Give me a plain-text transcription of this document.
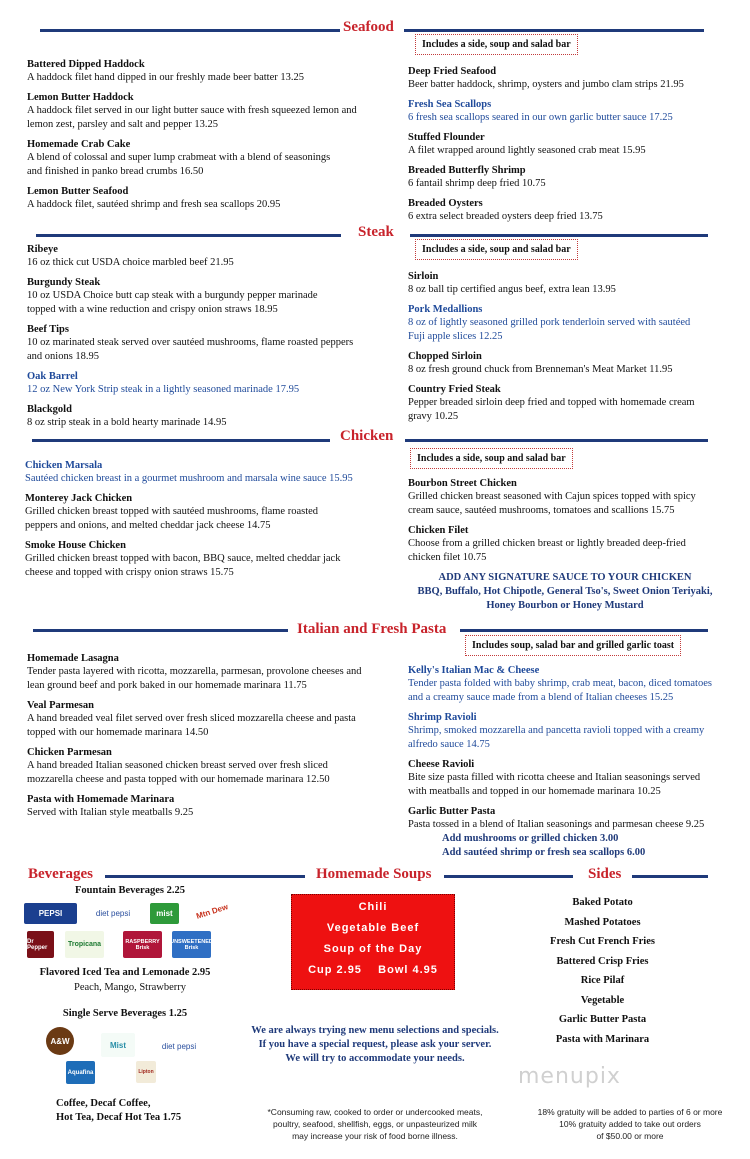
Seafood
Includes a side, soup and salad bar
Battered Dipped Haddock
A haddock filet hand dipped in our freshly made beer batter 13.25
Lemon Butter Haddock
A haddock filet served in our light butter sauce with fresh squeezed lemon and lemon zest, parsley and salt and pepper 13.25
Homemade Crab Cake
A blend of colossal and super lump crabmeat with a blend of seasonings and finished in panko bread crumbs 16.50
Lemon Butter Seafood
A haddock filet, sautéed shrimp and fresh sea scallops 20.95
Deep Fried Seafood
Beer batter haddock, shrimp, oysters and jumbo clam strips 21.95
Fresh Sea Scallops
6 fresh sea scallops seared in our own garlic butter sauce 17.25
Stuffed Flounder
A filet wrapped around lightly seasoned crab meat 15.95
Breaded Butterfly Shrimp
6 fantail shrimp deep fried 10.75
Breaded Oysters
6 extra select breaded oysters deep fried 13.75
Steak
Includes a side, soup and salad bar
Ribeye
16 oz thick cut USDA choice marbled beef 21.95
Burgundy Steak
10 oz USDA Choice butt cap steak with a burgundy pepper marinade topped with a wine reduction and crispy onion straws 18.95
Beef Tips
10 oz marinated steak served over sautéed mushrooms, flame roasted peppers and onions 18.95
Oak Barrel
12 oz New York Strip steak in a lightly seasoned marinade 17.95
Blackgold
8 oz strip steak in a bold hearty marinade 14.95
Sirloin
8 oz ball tip certified angus beef, extra lean 13.95
Pork Medallions
8 oz of lightly seasoned grilled pork tenderloin served with sautéed Fuji apple slices 12.25
Chopped Sirloin
8 oz fresh ground chuck from Brenneman's Meat Market 11.95
Country Fried Steak
Pepper breaded sirloin deep fried and topped with homemade cream gravy 10.25
Chicken
Includes a side, soup and salad bar
Chicken Marsala
Sautéed chicken breast in a gourmet mushroom and marsala wine sauce 15.95
Monterey Jack Chicken
Grilled chicken breast topped with sautéed mushrooms, flame roasted peppers and onions, and melted cheddar jack cheese 14.75
Smoke House Chicken
Grilled chicken breast topped with bacon, BBQ sauce, melted cheddar jack cheese and topped with crispy onion straws 15.75
Bourbon Street Chicken
Grilled chicken breast seasoned with Cajun spices topped with spicy cream sauce, sautéed mushrooms, tomatoes and scallions 15.75
Chicken Filet
Choose from a grilled chicken breast or lightly breaded deep-fried chicken filet 10.75
ADD ANY SIGNATURE SAUCE TO YOUR CHICKEN
BBQ, Buffalo, Hot Chipotle, General Tso's, Sweet Onion Teriyaki,
Honey Bourbon or Honey Mustard
Italian and Fresh Pasta
Includes soup, salad bar and grilled garlic toast
Homemade Lasagna
Tender pasta layered with ricotta, mozzarella, parmesan, provolone cheeses and lean ground beef and pork baked in our homemade marinara 11.75
Veal Parmesan
A hand breaded veal filet served over fresh sliced mozzarella cheese and pasta topped with our homemade marinara 14.50
Chicken Parmesan
A hand breaded Italian seasoned chicken breast served over fresh sliced mozzarella cheese and pasta topped with our homemade marinara 12.50
Pasta with Homemade Marinara
Served with Italian style meatballs 9.25
Kelly's Italian Mac & Cheese
Tender pasta folded with baby shrimp, crab meat, bacon, diced tomatoes and a creamy sauce made from a blend of Italian cheeses 15.25
Shrimp Ravioli
Shrimp, smoked mozzarella and pancetta ravioli topped with a creamy alfredo sauce 14.75
Cheese Ravioli
Bite size pasta filled with ricotta cheese and Italian seasonings served with meatballs and topped in our homemade marinara 10.25
Garlic Butter Pasta
Pasta tossed in a blend of Italian seasonings and parmesan cheese 9.25
Add mushrooms or grilled chicken 3.00
Add sautéed shrimp or fresh sea scallops 6.00
Beverages
Fountain Beverages 2.25
PEPSI	diet pepsi	mist	Mtn Dew
Dr Pepper	Tropicana	RASPBERRY Brisk
UNSWEETENED Brisk
Flavored Iced Tea and Lemonade 2.95
Peach, Mango, Strawberry
Single Serve Beverages 1.25
A&W	Mist	diet pepsi
Aquafina	Lipton
Coffee, Decaf Coffee,
Hot Tea, Decaf Hot Tea 1.75
Homemade Soups
Chili
Vegetable Beef
Soup of the Day
Cup 2.95    Bowl 4.95
We are always trying new menu selections and specials.
If you have a special request, please ask your server.
We will try to accommodate your needs.
*Consuming raw, cooked to order or undercooked meats,
poultry, seafood, shellfish, eggs, or unpasteurized milk
may increase your risk of food borne illness.
Sides
Baked Potato
Mashed Potatoes
Fresh Cut French Fries
Battered Crisp Fries
Rice Pilaf
Vegetable
Garlic Butter Pasta
Pasta with Marinara
menupix
18% gratuity will be added to parties of 6 or more
10% gratuity added to take out orders
of $50.00 or more
